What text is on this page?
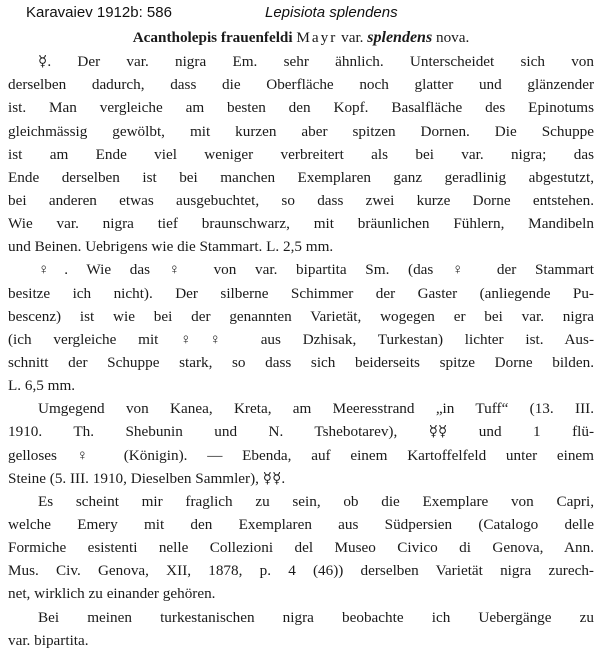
Karavaiev 1912b: 586	Lepisiota splendens
Acantholepis frauenfeldi Mayr var. splendens nova.
☿. Der var. nigra Em. sehr ähnlich. Unterscheidet sich von
derselben dadurch, dass die Oberfläche noch glatter und glänzender
ist. Man vergleiche am besten den Kopf. Basalfläche des Epinotums
gleichmässig gewölbt, mit kurzen aber spitzen Dornen. Die Schuppe
ist am Ende viel weniger verbreitert als bei var. nigra; das
Ende derselben ist bei manchen Exemplaren ganz geradlinig abgestutzt,
bei anderen etwas ausgebuchtet, so dass zwei kurze Dorne entstehen.
Wie var. nigra tief braunschwarz, mit bräunlichen Fühlern, Mandibeln
und Beinen. Uebrigens wie die Stammart. L. 2,5 mm.
♀. Wie das ♀ von var. bipartita Sm. (das ♀ der Stammart
besitze ich nicht). Der silberne Schimmer der Gaster (anliegende Pu-
bescenz) ist wie bei der genannten Varietät, wogegen er bei var. nigra
(ich vergleiche mit ♀♀ aus Dzhisak, Turkestan) lichter ist. Aus-
schnitt der Schuppe stark, so dass sich beiderseits spitze Dorne bilden.
L. 6,5 mm.
Umgegend von Kanea, Kreta, am Meeresstrand „in Tuff“ (13. III.
1910. Th. Shebunin und N. Tshebotarev), ☿☿ und 1 flü-
gelloses ♀ (Königin). — Ebenda, auf einem Kartoffelfeld unter einem
Steine (5. III. 1910, Dieselben Sammler), ☿☿.
Es scheint mir fraglich zu sein, ob die Exemplare von Capri,
welche Emery mit den Exemplaren aus Südpersien (Catalogo delle
Formiche esistenti nelle Collezioni del Museo Civico di Genova, Ann.
Mus. Civ. Genova, XII, 1878, p. 4 (46)) derselben Varietät nigra zurech-
net, wirklich zu einander gehören.
Bei meinen turkestanischen nigra beobachte ich Uebergänge zu
var. bipartita.
